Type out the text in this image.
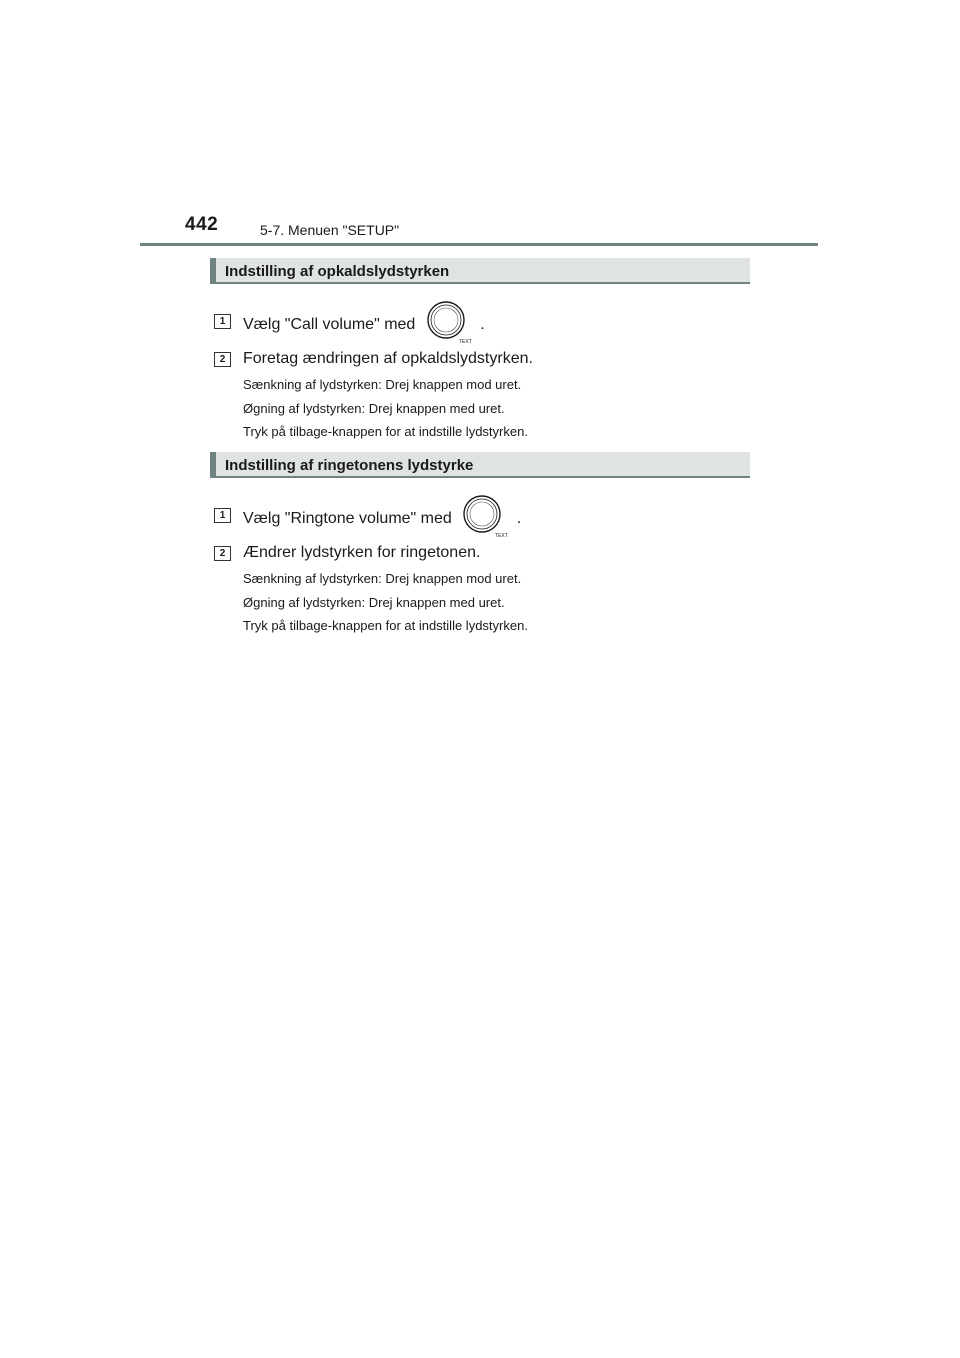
442	5-7. Menuen "SETUP"
Indstilling af opkaldslydstyrken
1	Vælg "Call volume" med
TEXT
.
2	Foretag ændringen af opkaldslydstyrken.
Sænkning af lydstyrken: Drej knappen mod uret.
Øgning af lydstyrken: Drej knappen med uret.
Tryk på tilbage-knappen for at indstille lydstyrken.
Indstilling af ringetonens lydstyrke
1	Vælg "Ringtone volume" med
TEXT
.
2	Ændrer lydstyrken for ringetonen.
Sænkning af lydstyrken: Drej knappen mod uret.
Øgning af lydstyrken: Drej knappen med uret.
Tryk på tilbage-knappen for at indstille lydstyrken.
